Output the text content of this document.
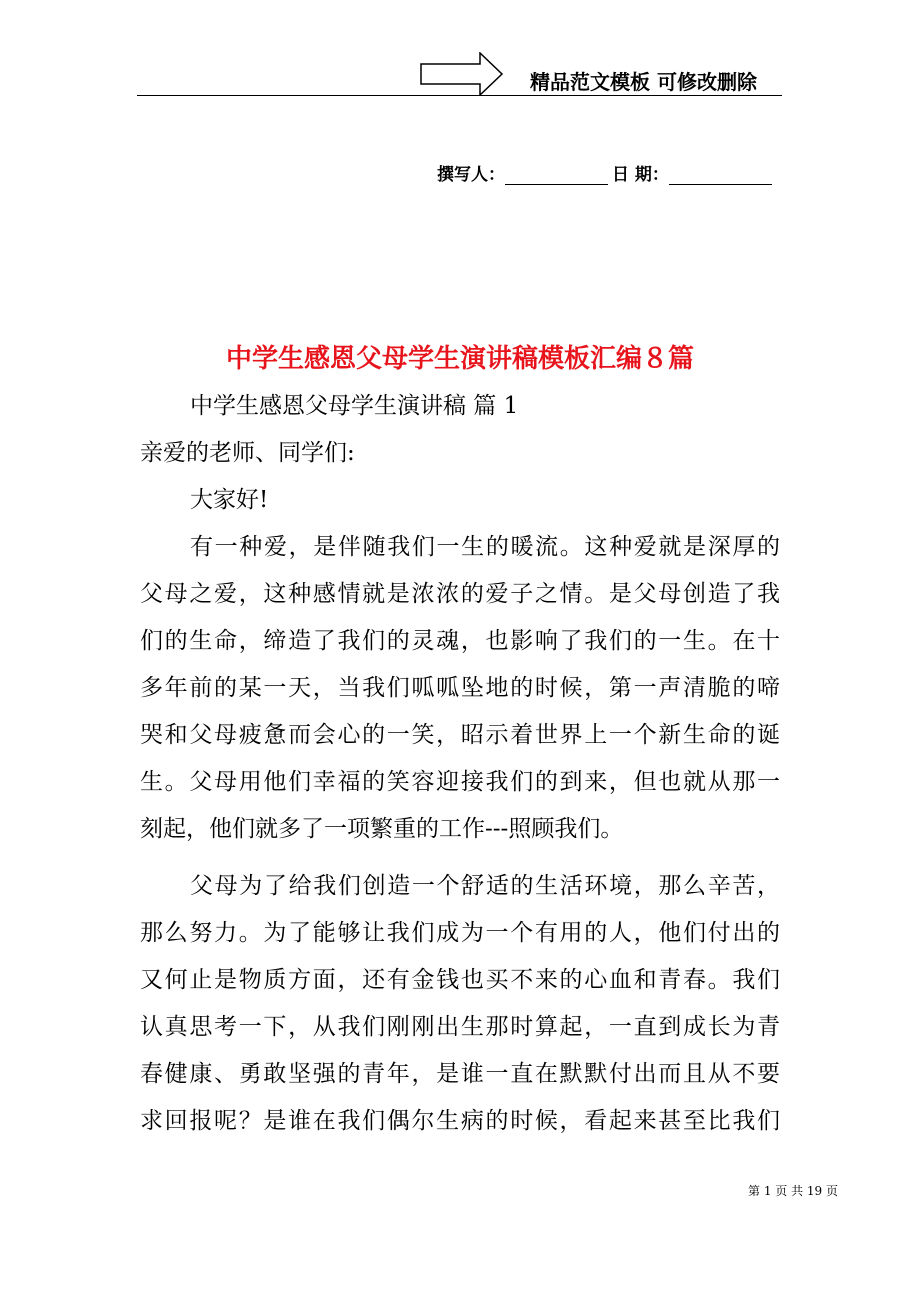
精品范文模板 可修改删除
撰写人：	日 期：
中学生感恩父母学生演讲稿模板汇编８篇
中学生感恩父母学生演讲稿 篇 1
亲爱的老师、同学们:
大家好!
有一种爱，是伴随我们一生的暖流。这种爱就是深厚的
父母之爱，这种感情就是浓浓的爱子之情。是父母创造了我
们的生命，缔造了我们的灵魂，也影响了我们的一生。在十
多年前的某一天，当我们呱呱坠地的时候，第一声清脆的啼
哭和父母疲惫而会心的一笑，昭示着世界上一个新生命的诞
生。父母用他们幸福的笑容迎接我们的到来，但也就从那一
刻起，他们就多了一项繁重的工作---照顾我们。
父母为了给我们创造一个舒适的生活环境，那么辛苦，
那么努力。为了能够让我们成为一个有用的人，他们付出的
又何止是物质方面，还有金钱也买不来的心血和青春。我们
认真思考一下，从我们刚刚出生那时算起，一直到成长为青
春健康、勇敢坚强的青年，是谁一直在默默付出而且从不要
求回报呢？是谁在我们偶尔生病的时候，看起来甚至比我们
第 1 页 共 19 页
